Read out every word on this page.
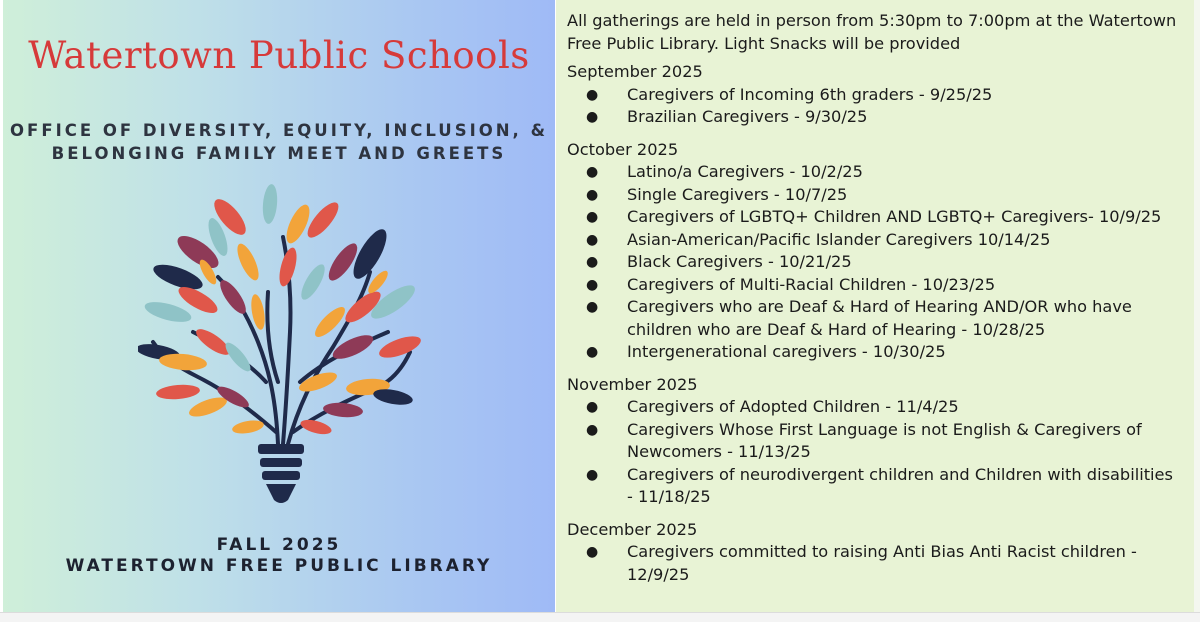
Watertown Public Schools
OFFICE OF DIVERSITY, EQUITY, INCLUSION, &
BELONGING FAMILY MEET AND GREETS
FALL 2025
WATERTOWN FREE PUBLIC LIBRARY

All gatherings are held in person from 5:30pm to 7:00pm at the Watertown Free Public Library. Light Snacks will be provided

September 2025

● Caregivers of Incoming 6th graders - 9/25/25
● Brazilian Caregivers - 9/30/25

October 2025

● Latino/a Caregivers - 10/2/25
● Single Caregivers - 10/7/25
● Caregivers of LGBTQ+ Children AND LGBTQ+ Caregivers- 10/9/25
● Asian-American/Pacific Islander Caregivers 10/14/25
● Black Caregivers - 10/21/25
● Caregivers of Multi-Racial Children - 10/23/25
● Caregivers who are Deaf & Hard of Hearing AND/OR who have children who are Deaf & Hard of Hearing - 10/28/25
● Intergenerational caregivers - 10/30/25

November 2025

● Caregivers of Adopted Children - 11/4/25
● Caregivers Whose First Language is not English & Caregivers of Newcomers - 11/13/25
● Caregivers of neurodivergent children and Children with disabilities - 11/18/25

December 2025

● Caregivers committed to raising Anti Bias Anti Racist children - 12/9/25
